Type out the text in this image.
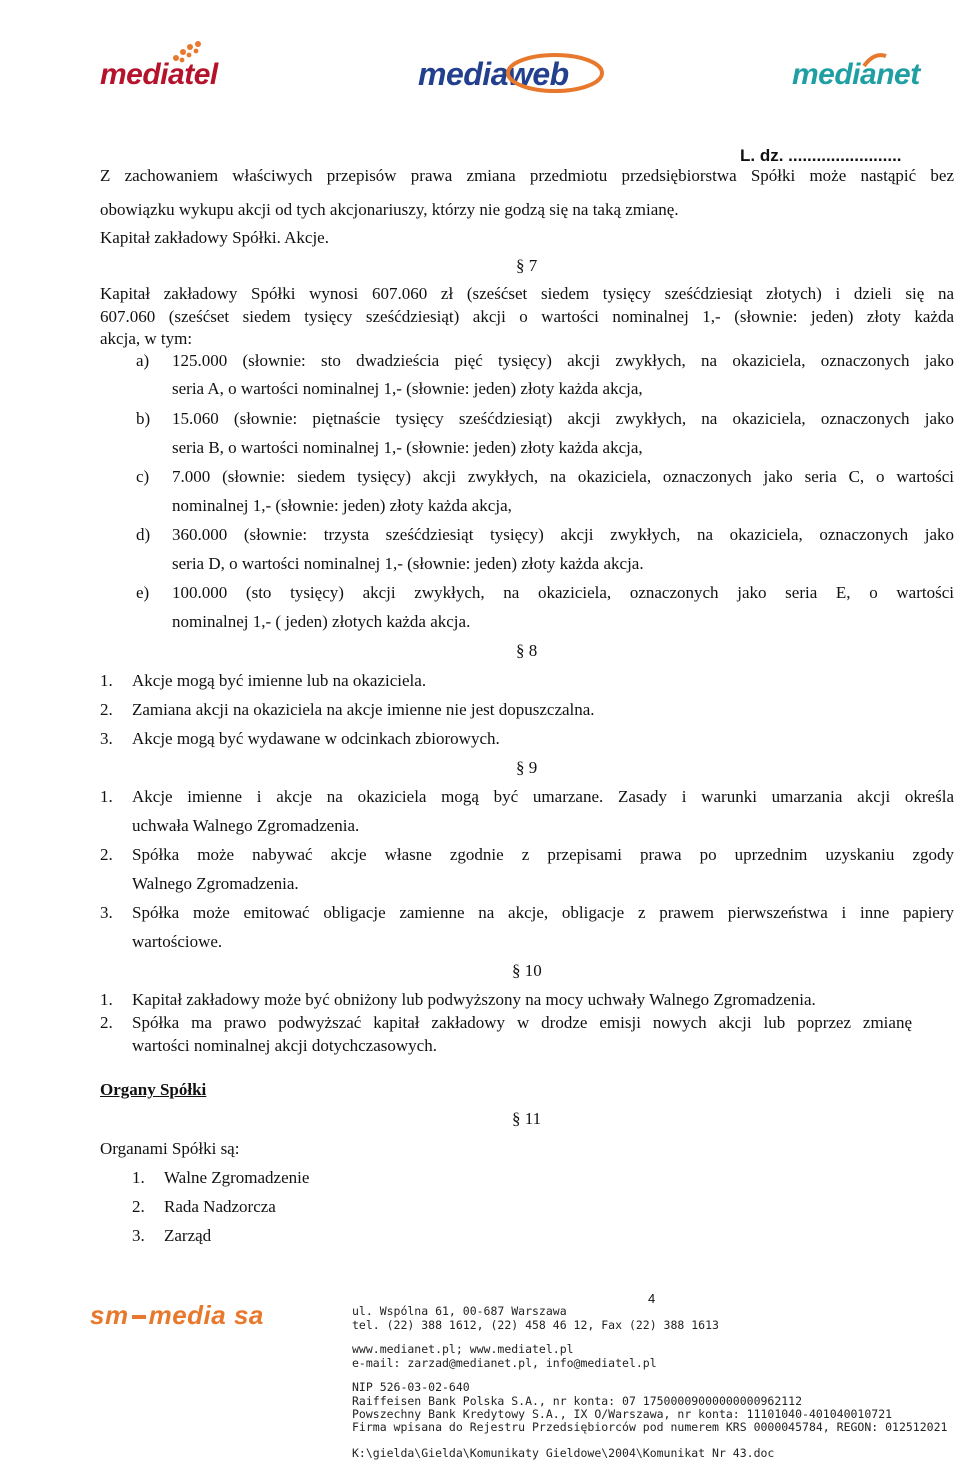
mediatel	mediaweb	medianet
L. dz. ........................
Z zachowaniem właściwych przepisów prawa zmiana przedmiotu przedsiębiorstwa Spółki może nastąpić bez
obowiązku wykupu akcji od tych akcjonariuszy, którzy nie godzą się na taką zmianę.
Kapitał zakładowy Spółki. Akcje.
§ 7
Kapitał zakładowy Spółki wynosi 607.060 zł (sześćset siedem tysięcy sześćdziesiąt złotych) i dzieli się na
607.060 (sześćset siedem tysięcy sześćdziesiąt) akcji o wartości nominalnej 1,- (słownie: jeden) złoty każda
akcja, w tym:
a) 125.000 (słownie: sto dwadzieścia pięć tysięcy) akcji zwykłych, na okaziciela, oznaczonych jako
seria A, o wartości nominalnej 1,- (słownie: jeden) złoty każda akcja,
b) 15.060 (słownie: piętnaście tysięcy sześćdziesiąt) akcji zwykłych, na okaziciela, oznaczonych jako
seria B, o wartości nominalnej 1,- (słownie: jeden) złoty każda akcja,
c) 7.000 (słownie: siedem tysięcy) akcji zwykłych, na okaziciela, oznaczonych jako seria C, o wartości
nominalnej 1,- (słownie: jeden) złoty każda akcja,
d) 360.000 (słownie: trzysta sześćdziesiąt tysięcy) akcji zwykłych, na okaziciela, oznaczonych jako
seria D, o wartości nominalnej 1,- (słownie: jeden) złoty każda akcja.
e) 100.000 (sto tysięcy) akcji zwykłych, na okaziciela, oznaczonych jako seria E, o wartości
nominalnej 1,- ( jeden) złotych każda akcja.
§ 8
1. Akcje mogą być imienne lub na okaziciela.
2. Zamiana akcji na okaziciela na akcje imienne nie jest dopuszczalna.
3. Akcje mogą być wydawane w odcinkach zbiorowych.
§ 9
1. Akcje imienne i akcje na okaziciela mogą być umarzane. Zasady i warunki umarzania akcji określa
uchwała Walnego Zgromadzenia.
2. Spółka może nabywać akcje własne zgodnie z przepisami prawa po uprzednim uzyskaniu zgody
Walnego Zgromadzenia.
3. Spółka może emitować obligacje zamienne na akcje, obligacje z prawem pierwszeństwa i inne papiery
wartościowe.
§ 10
1. Kapitał zakładowy może być obniżony lub podwyższony na mocy uchwały Walnego Zgromadzenia.
2. Spółka ma prawo podwyższać kapitał zakładowy w drodze emisji nowych akcji lub poprzez zmianę
wartości nominalnej akcji dotychczasowych.
Organy Spółki
§ 11
Organami Spółki są:
1. Walne Zgromadzenie
2. Rada Nadzorcza
3. Zarząd
4
sm media sa	ul. Wspólna 61, 00-687 Warszawa
tel. (22) 388 1612, (22) 458 46 12, Fax (22) 388 1613
www.medianet.pl; www.mediatel.pl
e-mail: zarzad@medianet.pl, info@mediatel.pl
NIP 526-03-02-640
Raiffeisen Bank Polska S.A., nr konta: 07 17500009000000000962112
Powszechny Bank Kredytowy S.A., IX O/Warszawa, nr konta: 11101040-401040010721
Firma wpisana do Rejestru Przedsiębiorców pod numerem KRS 0000045784, REGON: 012512021
K:\gielda\Gielda\Komunikaty Gieldowe\2004\Komunikat Nr 43.doc
